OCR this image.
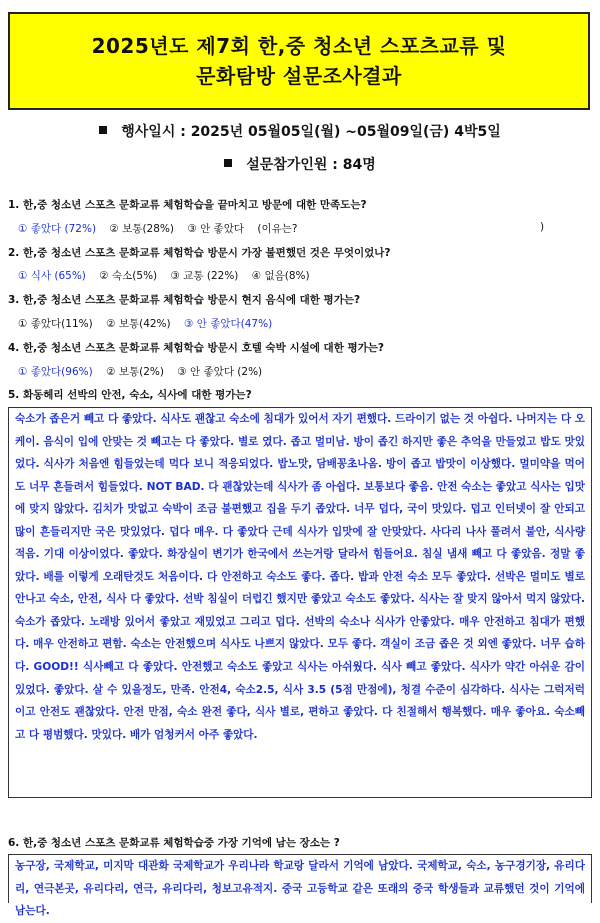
2025년도 제7회 한,중 청소년 스포츠교류 및
문화탐방 설문조사결과
행사일시 : 2025년 05월05일(월) ~05월09일(금) 4박5일
설문참가인원 : 84명
1. 한,중 청소년 스포츠 문화교류 체험학습을 끝마치고 방문에 대한 만족도는?
① 좋았다 (72%) ② 보통(28%) ③ 안 좋았다 (이유는?	)
2. 한,중 청소년 스포츠 문화교류 체험학습 방문시 가장 불편했던 것은 무엇이었나?
① 식사 (65%) ② 숙소(5%) ③ 교통 (22%) ④ 없음(8%)
3. 한,중 청소년 스포츠 문화교류 체험학습 방문시 현지 음식에 대한 평가는?
① 좋았다(11%) ② 보통(42%) ③ 안 좋았다(47%)
4. 한,중 청소년 스포츠 문화교류 체험학습 방문시 호텔 숙박 시설에 대한 평가는?
① 좋았다(96%) ② 보통(2%) ③ 안 좋았다 (2%)
5. 화동헤리 선박의 안전, 숙소, 식사에 대한 평가는?
숙소가 좁은거 빼고 다 좋았다. 식사도 괜찮고 숙소에 침대가 있어서 자기 편했다. 드라이기 없는 것 아쉽다. 나머지는 다 오케이. 음식이 입에 안맞는 것 빼고는 다 좋았다. 별로 였다. 좁고 멀미남. 방이 좁긴 하지만 좋은 추억을 만들었고 밥도 맛있었다. 식사가 처음엔 힘들었는데 먹다 보니 적응되었다. 밥노맛, 담배꽁초나옴. 방이 좁고 밥맛이 이상했다. 멀미약을 먹어도 너무 흔들려서 힘들었다. NOT BAD. 다 괜찮았는데 식사가 좀 아쉽다. 보통보다 좋음. 안전 숙소는 좋았고 식사는 입맛에 맞지 않았다. 김치가 맛없고 숙박이 조금 불편했고 집을 두기 좁았다. 너무 덥다, 국이 맛있다. 덥고 인터넷이 잘 안되고 많이 흔들리지만 국은 맛있었다. 덥다 매우. 다 좋았다 근데 식사가 입맛에 잘 안맞았다. 사다리 나사 풀려서 불안, 식사량 적음. 기대 이상이었다. 좋았다. 화장실이 변기가 한국에서 쓰는거랑 달라서 힘들어요. 침실 냄새 빼고 다 좋았음. 정말 좋았다. 배를 이렇게 오래탄것도 처음이다. 다 안전하고 숙소도 좋다. 좁다. 밥과 안전 숙소 모두 좋았다. 선박은 멀미도 별로 안나고 숙소, 안전, 식사 다 좋았다. 선박 침실이 더럽긴 했지만 좋았고 숙소도 좋았다. 식사는 잘 맞지 않아서 먹지 않았다. 숙소가 좁았다. 노래방 있어서 좋았고 재밌었고 그리고 덥다. 선박의 숙소나 식사가 안좋았다. 매우 안전하고 침대가 편했다. 매우 안전하고 편함. 숙소는 안전했으며 식사도 나쁘지 않았다. 모두 좋다. 객실이 조금 좁은 것 외엔 좋았다. 너무 습하다. GOOD!! 식사빼고 다 좋았다. 안전했고 숙소도 좋았고 식사는 아쉬웠다. 식사 빼고 좋았다. 식사가 약간 아쉬운 감이 있었다. 좋았다. 살 수 있을정도, 만족. 안전4, 숙소2.5, 식사 3.5 (5점 만점에), 청결 수준이 심각하다. 식사는 그럭저럭이고 안전도 괜찮았다. 안전 만점, 숙소 완전 좋다, 식사 별로, 편하고 좋았다. 다 친절해서 행복했다. 매우 좋아요. 숙소빼고 다 평범했다. 맛있다. 배가 엄청커서 아주 좋았다.
6. 한,중 청소년 스포츠 문화교류 체험학습중 가장 기억에 남는 장소는 ?
농구장, 국제학교, 미지막 대관화 국제학교가 우리나라 학교랑 달라서 기억에 남았다. 국제학교, 숙소, 농구경기장, 유리다리, 연극본곳, 유리다리, 연극, 유리다리, 청보고유적지. 중국 고등학교 같은 또래의 중국 학생들과 교류했던 것이 기억에 남는다.
